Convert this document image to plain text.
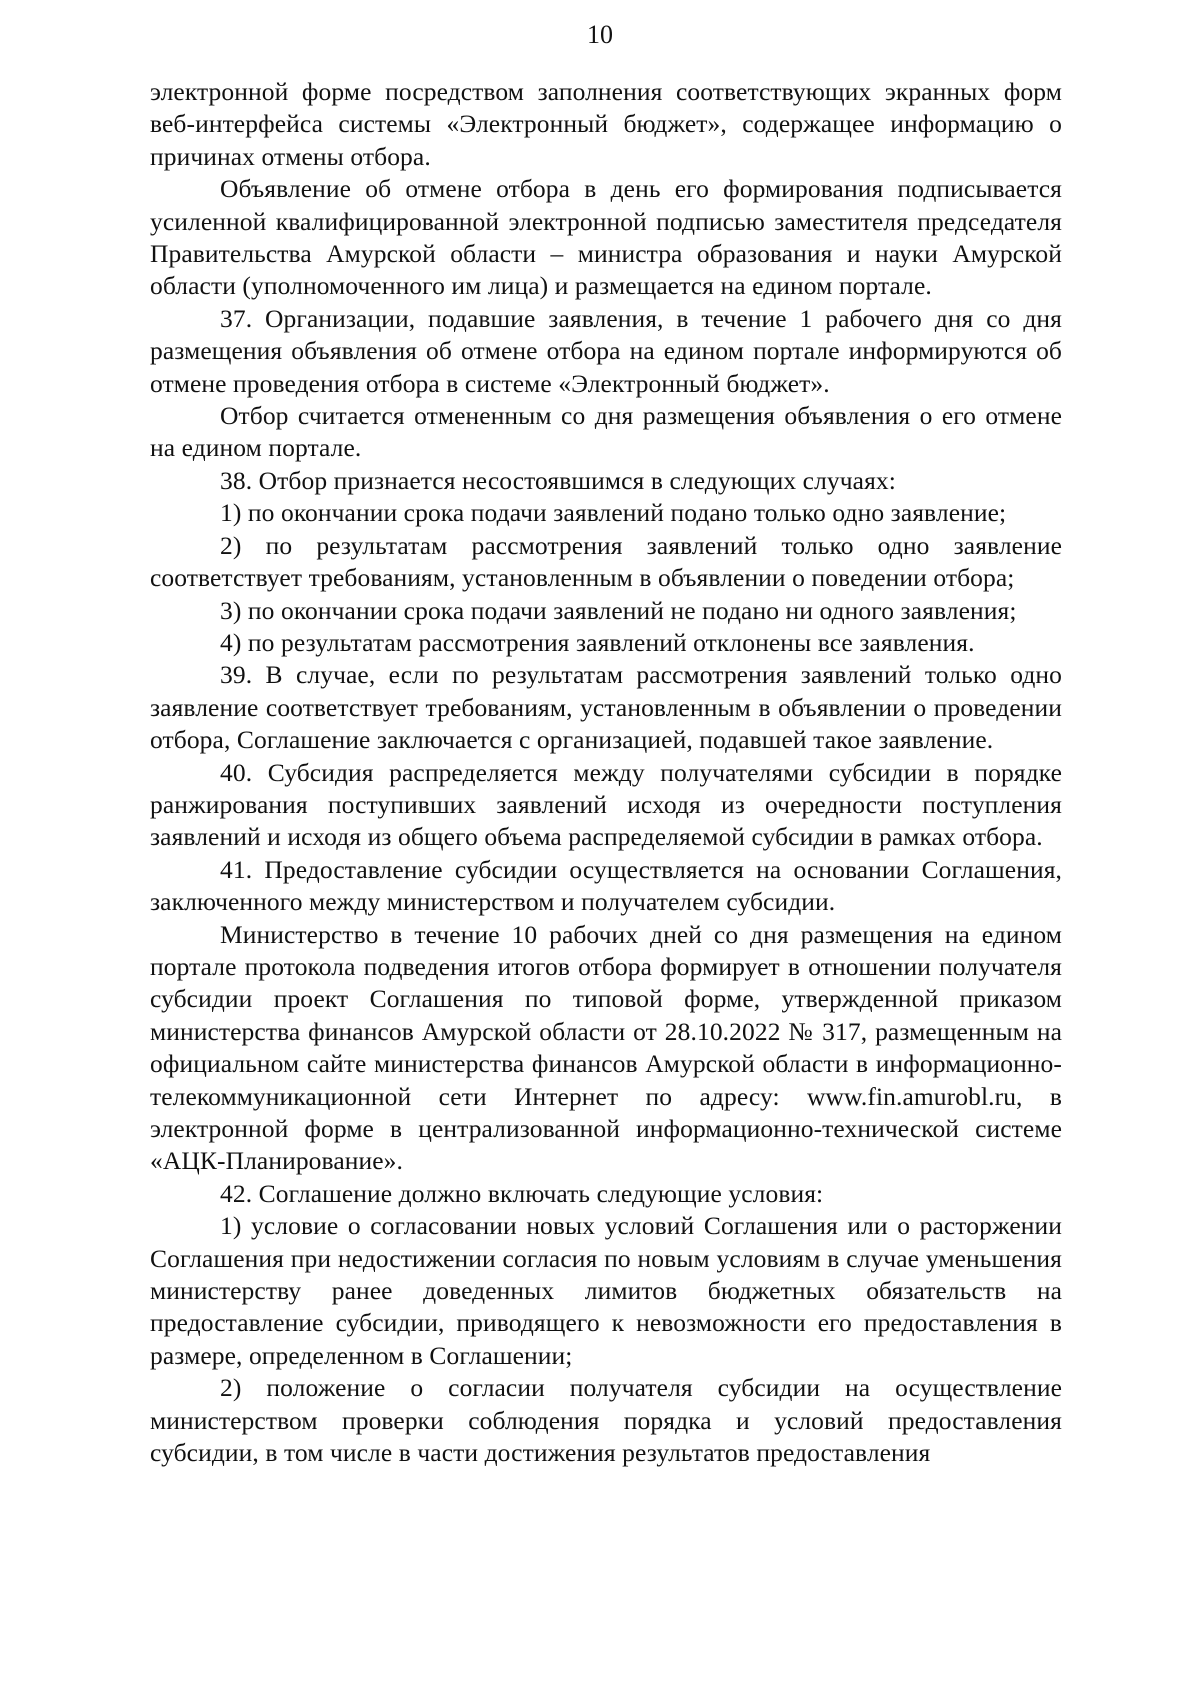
10

электронной форме посредством заполнения соответствующих экранных форм веб-интерфейса системы «Электронный бюджет», содержащее информацию о причинах отмены отбора.

Объявление об отмене отбора в день его формирования подписывается усиленной квалифицированной электронной подписью заместителя председателя Правительства Амурской области – министра образования и науки Амурской области (уполномоченного им лица) и размещается на едином портале.

37. Организации, подавшие заявления, в течение 1 рабочего дня со дня размещения объявления об отмене отбора на едином портале информируются об отмене проведения отбора в системе «Электронный бюджет».

Отбор считается отмененным со дня размещения объявления о его отмене на едином портале.

38. Отбор признается несостоявшимся в следующих случаях:

1) по окончании срока подачи заявлений подано только одно заявление;

2) по результатам рассмотрения заявлений только одно заявление соответствует требованиям, установленным в объявлении о поведении отбора;

3) по окончании срока подачи заявлений не подано ни одного заявления;

4) по результатам рассмотрения заявлений отклонены все заявления.

39. В случае, если по результатам рассмотрения заявлений только одно заявление соответствует требованиям, установленным в объявлении о проведении отбора, Соглашение заключается с организацией, подавшей такое заявление.

40. Субсидия распределяется между получателями субсидии в порядке ранжирования поступивших заявлений исходя из очередности поступления заявлений и исходя из общего объема распределяемой субсидии в рамках отбора.

41. Предоставление субсидии осуществляется на основании Соглашения, заключенного между министерством и получателем субсидии.

Министерство в течение 10 рабочих дней со дня размещения на едином портале протокола подведения итогов отбора формирует в отношении получателя субсидии проект Соглашения по типовой форме, утвержденной приказом министерства финансов Амурской области от 28.10.2022 № 317, размещенным на официальном сайте министерства финансов Амурской области в информационно-телекоммуникационной сети Интернет по адресу: www.fin.amurobl.ru, в электронной форме в централизованной информационно-технической системе «АЦК-Планирование».

42. Соглашение должно включать следующие условия:

1) условие о согласовании новых условий Соглашения или о расторжении Соглашения при недостижении согласия по новым условиям в случае уменьшения министерству ранее доведенных лимитов бюджетных обязательств на предоставление субсидии, приводящего к невозможности его предоставления в размере, определенном в Соглашении;

2) положение о согласии получателя субсидии на осуществление министерством проверки соблюдения порядка и условий предоставления субсидии, в том числе в части достижения результатов предоставления
